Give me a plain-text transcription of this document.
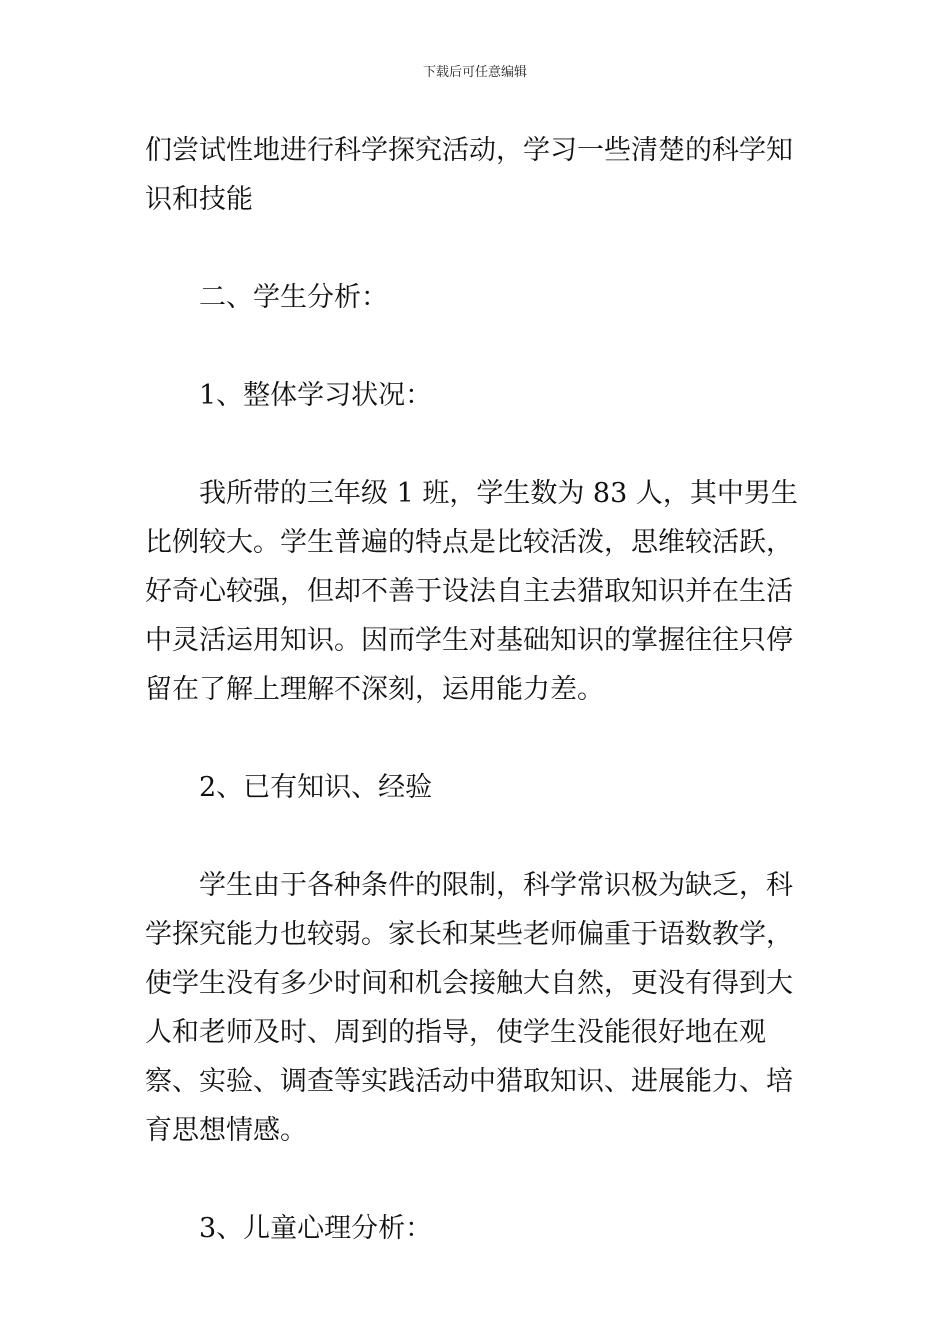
下载后可任意编辑

们尝试性地进行科学探究活动，学习一些清楚的科学知识和技能

二、学生分析：

1、整体学习状况：

我所带的三年级 1 班，学生数为 83 人，其中男生比例较大。学生普遍的特点是比较活泼，思维较活跃，好奇心较强，但却不善于设法自主去猎取知识并在生活中灵活运用知识。因而学生对基础知识的掌握往往只停留在了解上理解不深刻，运用能力差。

2、已有知识、经验

学生由于各种条件的限制，科学常识极为缺乏，科学探究能力也较弱。家长和某些老师偏重于语数教学，使学生没有多少时间和机会接触大自然，更没有得到大人和老师及时、周到的指导，使学生没能很好地在观察、实验、调查等实践活动中猎取知识、进展能力、培育思想情感。

3、儿童心理分析：
